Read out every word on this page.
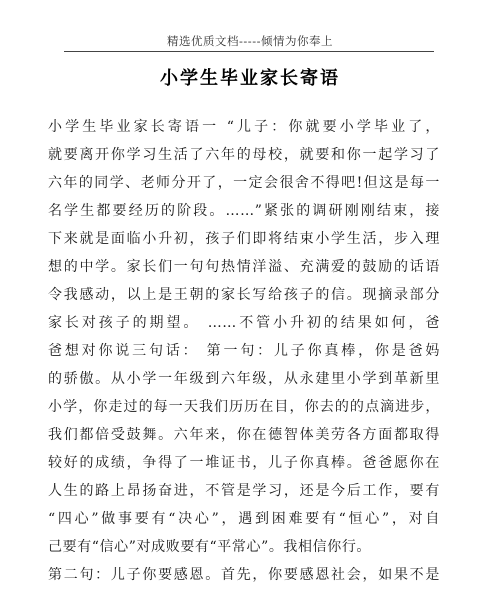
精选优质文档-----倾情为你奉上
小学生毕业家长寄语
小学生毕业家长寄语一 “儿子：你就要小学毕业了，
就要离开你学习生活了六年的母校，就要和你一起学习了
六年的同学、老师分开了，一定会很舍不得吧!但这是每一
名学生都要经历的阶段。……”紧张的调研刚刚结束，接
下来就是面临小升初，孩子们即将结束小学生活，步入理
想的中学。家长们一句句热情洋溢、充满爱的鼓励的话语
令我感动，以上是王朝的家长写给孩子的信。现摘录部分
家长对孩子的期望。 ……不管小升初的结果如何，爸
爸想对你说三句话： 第一句：儿子你真棒，你是爸妈
的骄傲。从小学一年级到六年级，从永建里小学到革新里
小学，你走过的每一天我们历历在目，你去的的点滴进步，
我们都倍受鼓舞。六年来，你在德智体美劳各方面都取得
较好的成绩，争得了一堆证书，儿子你真棒。爸爸愿你在
人生的路上昂扬奋进，不管是学习，还是今后工作，要有
“四心”做事要有“决心”，遇到困难要有“恒心”，对自
己要有“信心”对成败要有“平常心”。我相信你行。
第二句：儿子你要感恩。首先，你要感恩社会，如果不是
